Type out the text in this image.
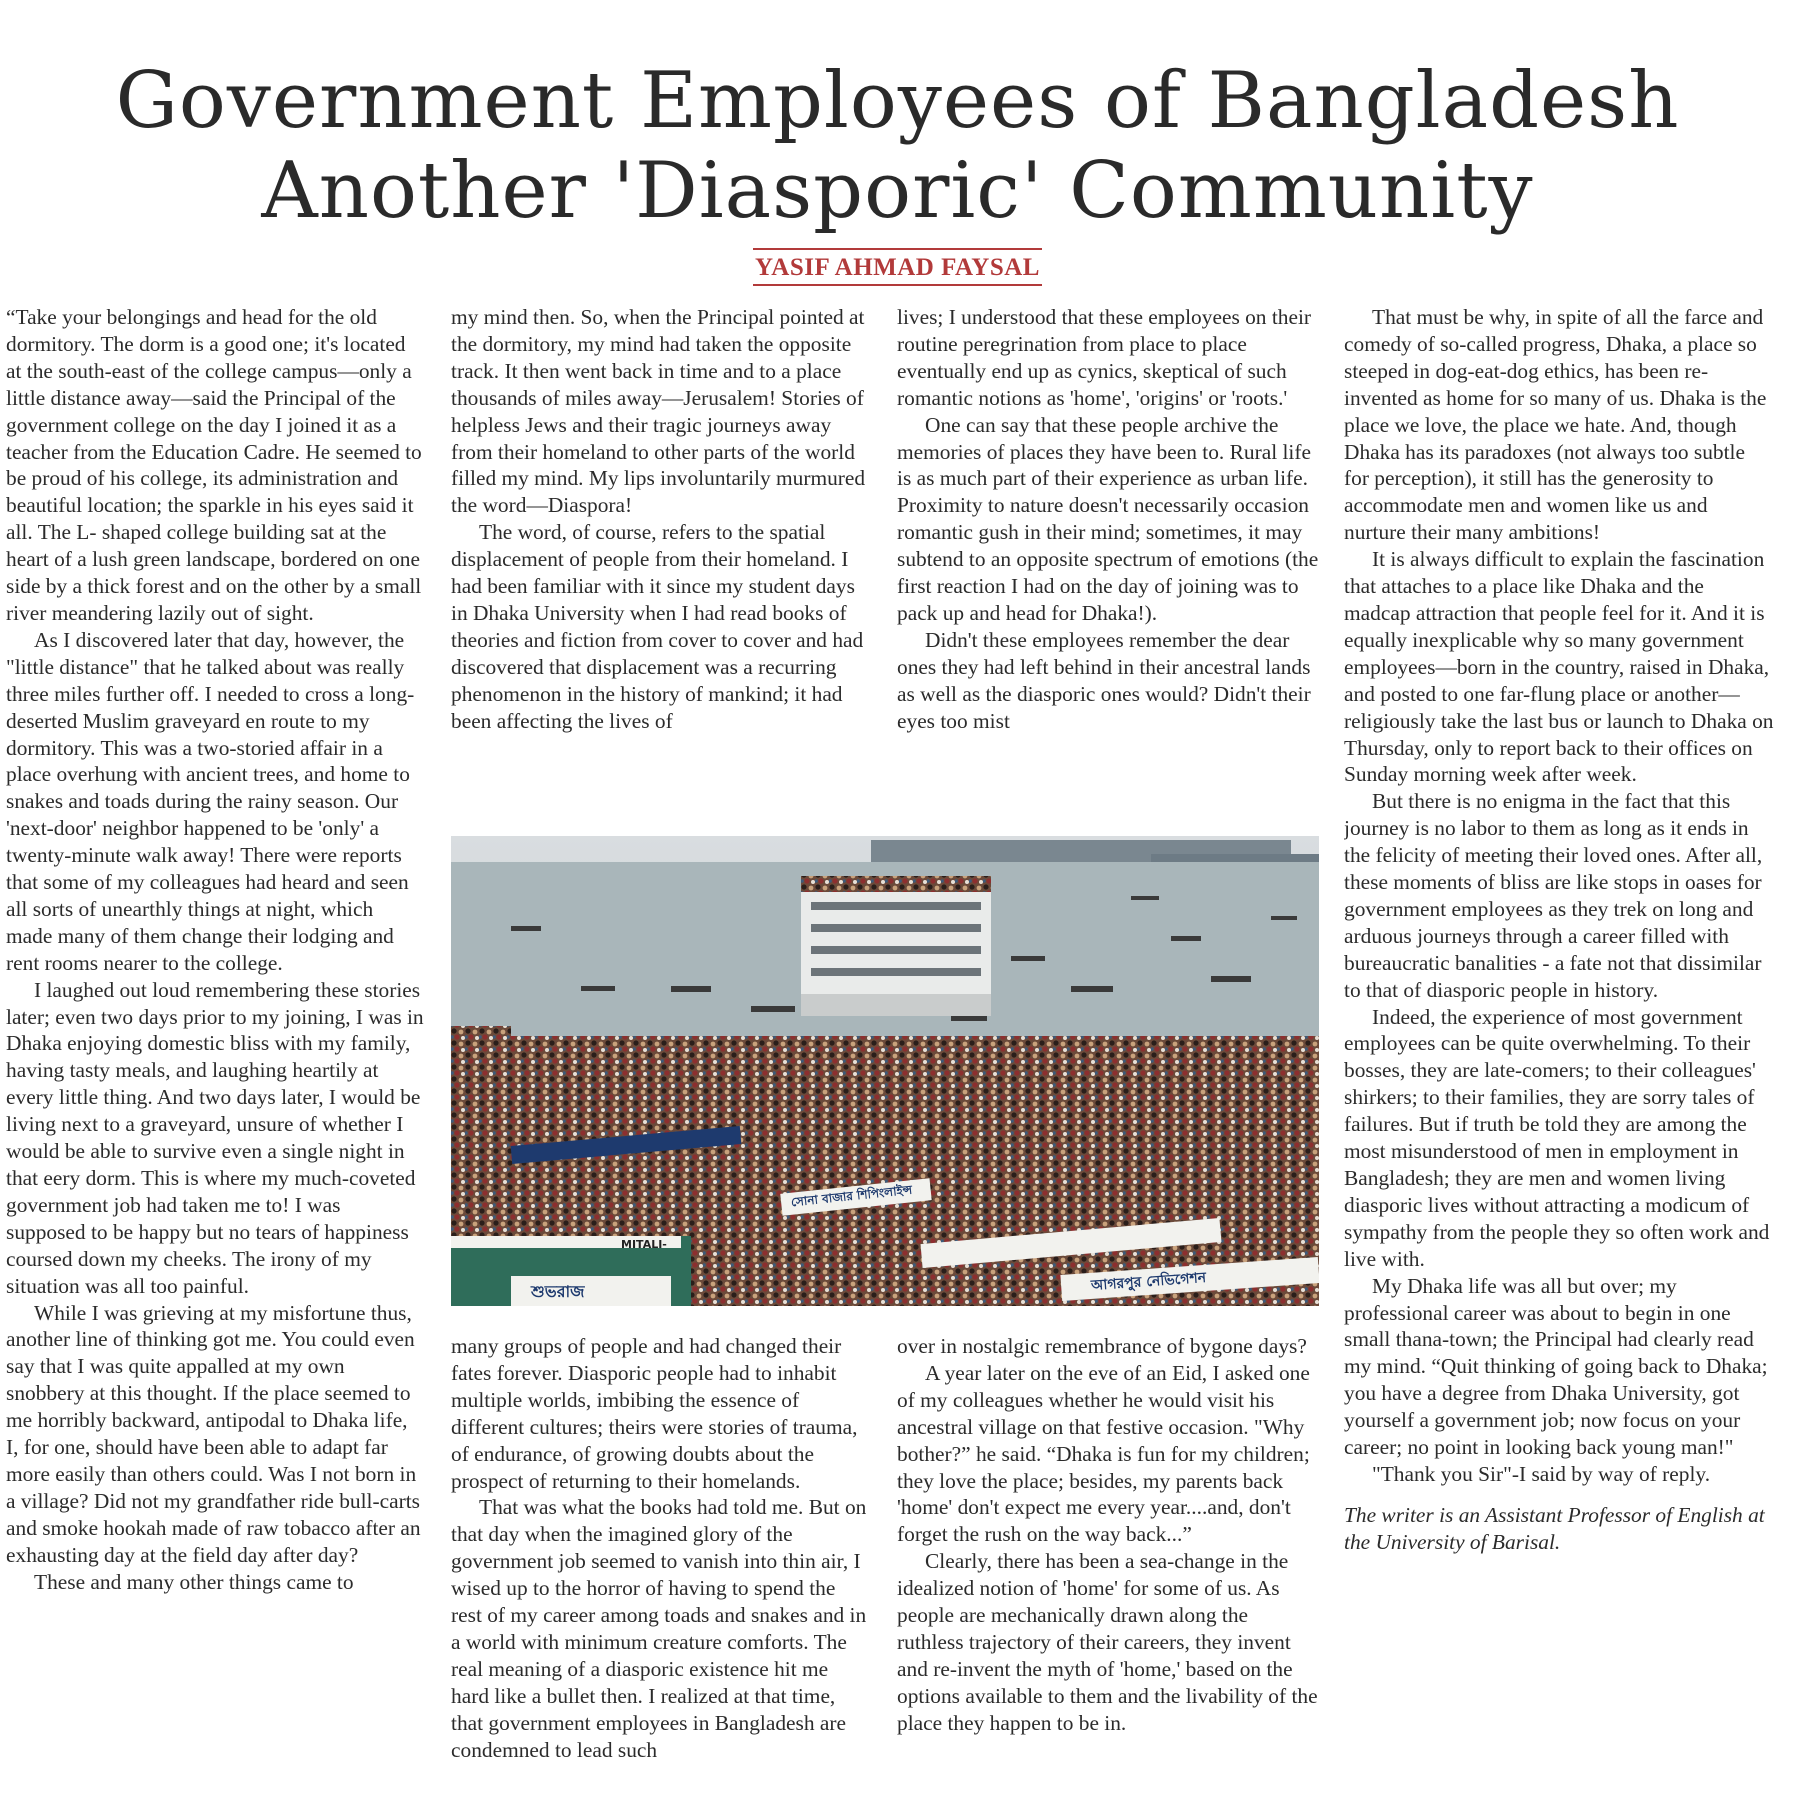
Government Employees of Bangladesh
Another 'Diasporic' Community
YASIF AHMAD FAYSAL

“Take your belongings and head for the old dormitory. The dorm is a good one; it's located at the south-east of the college campus—only a little distance away—said the Principal of the government college on the day I joined it as a teacher from the Education Cadre. He seemed to be proud of his college, its administration and beautiful location; the sparkle in his eyes said it all. The L- shaped college building sat at the heart of a lush green landscape, bordered on one side by a thick forest and on the other by a small river meandering lazily out of sight.

As I discovered later that day, however, the "little distance" that he talked about was really three miles further off. I needed to cross a long-deserted Muslim graveyard en route to my dormitory. This was a two-storied affair in a place overhung with ancient trees, and home to snakes and toads during the rainy season. Our 'next-door' neighbor happened to be 'only' a twenty-minute walk away! There were reports that some of my colleagues had heard and seen all sorts of unearthly things at night, which made many of them change their lodging and rent rooms nearer to the college.

I laughed out loud remembering these stories later; even two days prior to my joining, I was in Dhaka enjoying domestic bliss with my family, having tasty meals, and laughing heartily at every little thing. And two days later, I would be living next to a graveyard, unsure of whether I would be able to survive even a single night in that eery dorm. This is where my much-coveted government job had taken me to! I was supposed to be happy but no tears of happiness coursed down my cheeks. The irony of my situation was all too painful.

While I was grieving at my misfortune thus, another line of thinking got me. You could even say that I was quite appalled at my own snobbery at this thought. If the place seemed to me horribly backward, antipodal to Dhaka life, I, for one, should have been able to adapt far more easily than others could. Was I not born in a village? Did not my grandfather ride bull-carts and smoke hookah made of raw tobacco after an exhausting day at the field day after day?

These and many other things came to

my mind then. So, when the Principal pointed at the dormitory, my mind had taken the opposite track. It then went back in time and to a place thousands of miles away—Jerusalem! Stories of helpless Jews and their tragic journeys away from their homeland to other parts of the world filled my mind. My lips involuntarily murmured the word—Diaspora!

The word, of course, refers to the spatial displacement of people from their homeland. I had been familiar with it since my student days in Dhaka University when I had read books of theories and fiction from cover to cover and had discovered that displacement was a recurring phenomenon in the history of mankind; it had been affecting the lives of

lives; I understood that these employees on their routine peregrination from place to place eventually end up as cynics, skeptical of such romantic notions as 'home', 'origins' or 'roots.'

One can say that these people archive the memories of places they have been to. Rural life is as much part of their experience as urban life. Proximity to nature doesn't necessarily occasion romantic gush in their mind; sometimes, it may subtend to an opposite spectrum of emotions (the first reaction I had on the day of joining was to pack up and head for Dhaka!).

Didn't these employees remember the dear ones they had left behind in their ancestral lands as well as the diasporic ones would? Didn't their eyes too mist

MITALI-
শুভরাজ	আগরপুর নেভিগেশন
সোনা বাজার শিপিংলাইন্স

many groups of people and had changed their fates forever. Diasporic people had to inhabit multiple worlds, imbibing the essence of different cultures; theirs were stories of trauma, of endurance, of growing doubts about the prospect of returning to their homelands.

That was what the books had told me. But on that day when the imagined glory of the government job seemed to vanish into thin air, I wised up to the horror of having to spend the rest of my career among toads and snakes and in a world with minimum creature comforts. The real meaning of a diasporic existence hit me hard like a bullet then. I realized at that time, that government employees in Bangladesh are condemned to lead such

over in nostalgic remembrance of bygone days?

A year later on the eve of an Eid, I asked one of my colleagues whether he would visit his ancestral village on that festive occasion. "Why bother?” he said. “Dhaka is fun for my children; they love the place; besides, my parents back 'home' don't expect me every year....and, don't forget the rush on the way back...”

Clearly, there has been a sea-change in the idealized notion of 'home' for some of us. As people are mechanically drawn along the ruthless trajectory of their careers, they invent and re-invent the myth of 'home,' based on the options available to them and the livability of the place they happen to be in.

That must be why, in spite of all the farce and comedy of so-called progress, Dhaka, a place so steeped in dog-eat-dog ethics, has been re-invented as home for so many of us. Dhaka is the place we love, the place we hate. And, though Dhaka has its paradoxes (not always too subtle for perception), it still has the generosity to accommodate men and women like us and nurture their many ambitions!

It is always difficult to explain the fascination that attaches to a place like Dhaka and the madcap attraction that people feel for it. And it is equally inexplicable why so many government employees—born in the country, raised in Dhaka, and posted to one far-flung place or another—religiously take the last bus or launch to Dhaka on Thursday, only to report back to their offices on Sunday morning week after week.

But there is no enigma in the fact that this journey is no labor to them as long as it ends in the felicity of meeting their loved ones. After all, these moments of bliss are like stops in oases for government employees as they trek on long and arduous journeys through a career filled with bureaucratic banalities - a fate not that dissimilar to that of diasporic people in history.

Indeed, the experience of most government employees can be quite overwhelming. To their bosses, they are late-comers; to their colleagues' shirkers; to their families, they are sorry tales of failures. But if truth be told they are among the most misunderstood of men in employment in Bangladesh; they are men and women living diasporic lives without attracting a modicum of sympathy from the people they so often work and live with.

My Dhaka life was all but over; my professional career was about to begin in one small thana-town; the Principal had clearly read my mind. “Quit thinking of going back to Dhaka; you have a degree from Dhaka University, got yourself a government job; now focus on your career; no point in looking back young man!"

"Thank you Sir"-I said by way of reply.

The writer is an Assistant Professor of English at the University of Barisal.
